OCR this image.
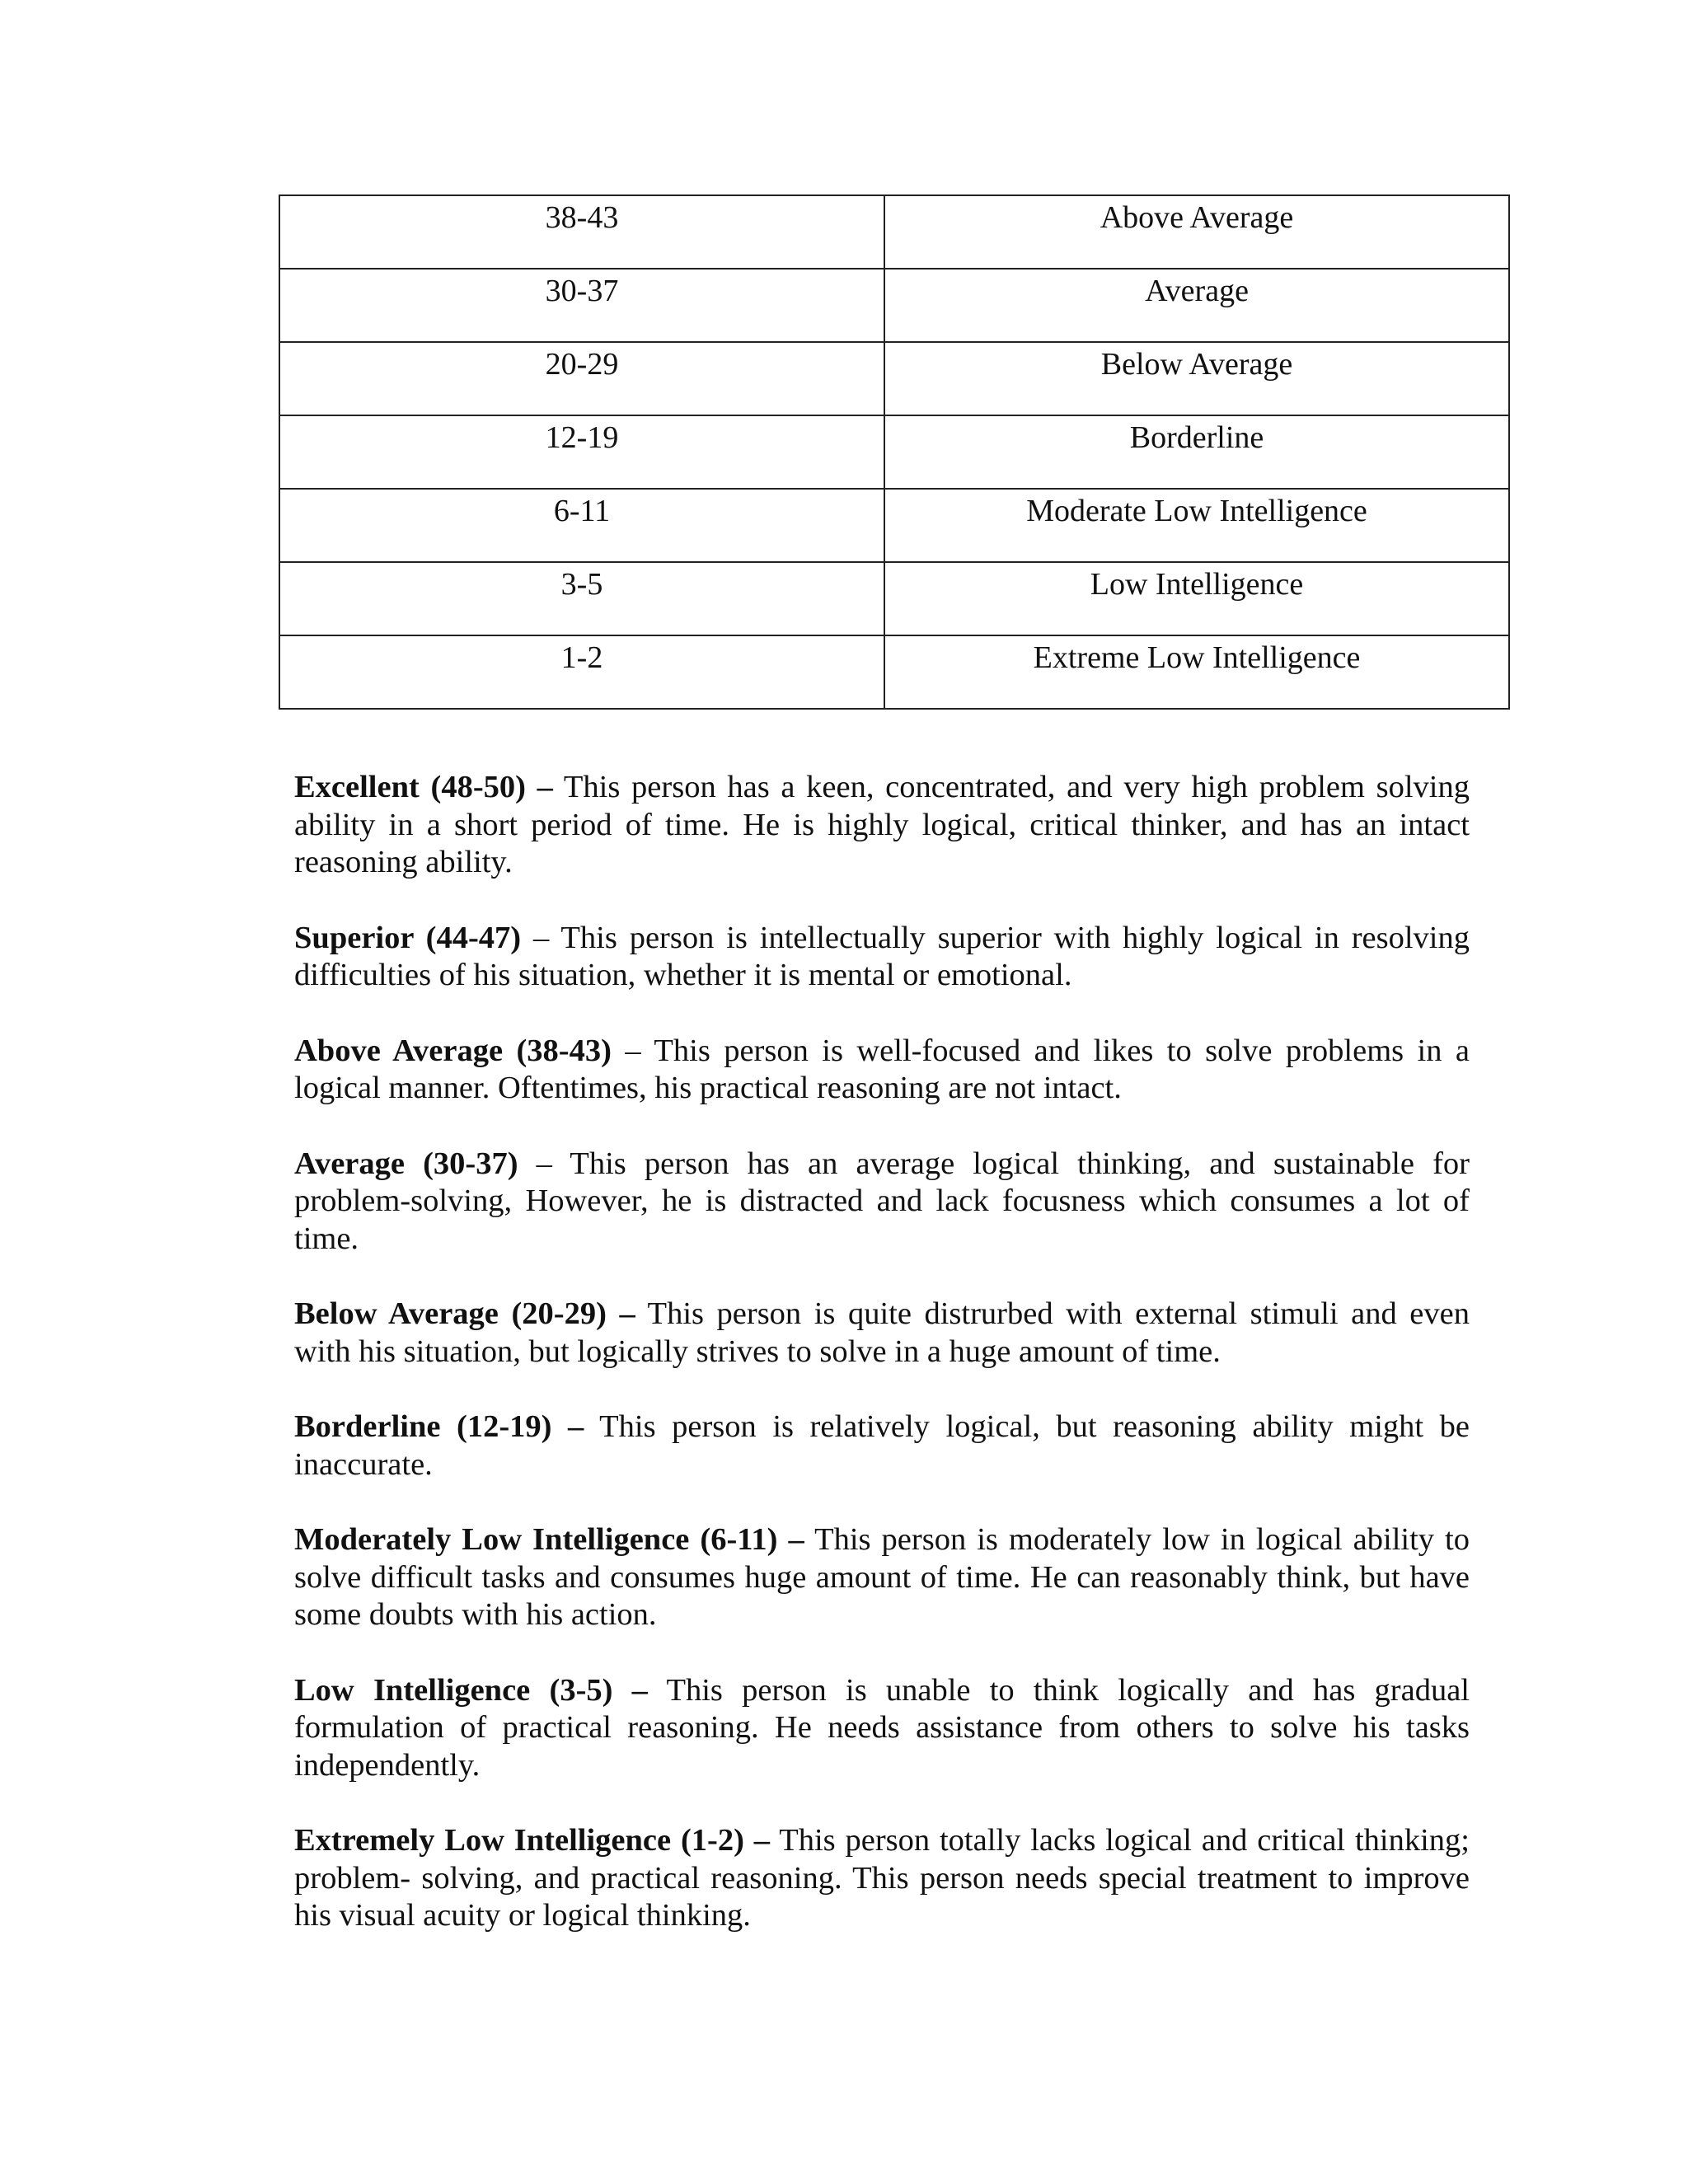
38-43	Above Average
30-37	Average
20-29	Below Average
12-19	Borderline
6-11	Moderate Low Intelligence
3-5	Low Intelligence
1-2	Extreme Low Intelligence

Excellent (48-50) – This person has a keen, concentrated, and very high problem solving ability in a short period of time. He is highly logical, critical thinker, and has an intact reasoning ability.

Superior (44-47) – This person is intellectually superior with highly logical in resolving difficulties of his situation, whether it is mental or emotional.

Above Average (38-43) – This person is well-focused and likes to solve problems in a logical manner. Oftentimes, his practical reasoning are not intact.

Average (30-37) – This person has an average logical thinking, and sustainable for problem-solving, However, he is distracted and lack focusness which consumes a lot of time.

Below Average (20-29) – This person is quite distrurbed with external stimuli and even with his situation, but logically strives to solve in a huge amount of time.

Borderline (12-19) – This person is relatively logical, but reasoning ability might be inaccurate.

Moderately Low Intelligence (6-11) – This person is moderately low in logical ability to solve difficult tasks and consumes huge amount of time. He can reasonably think, but have some doubts with his action.

Low Intelligence (3-5) – This person is unable to think logically and has gradual formulation of practical reasoning. He needs assistance from others to solve his tasks independently.

Extremely Low Intelligence (1-2) – This person totally lacks logical and critical thinking; problem- solving, and practical reasoning. This person needs special treatment to improve his visual acuity or logical thinking.
